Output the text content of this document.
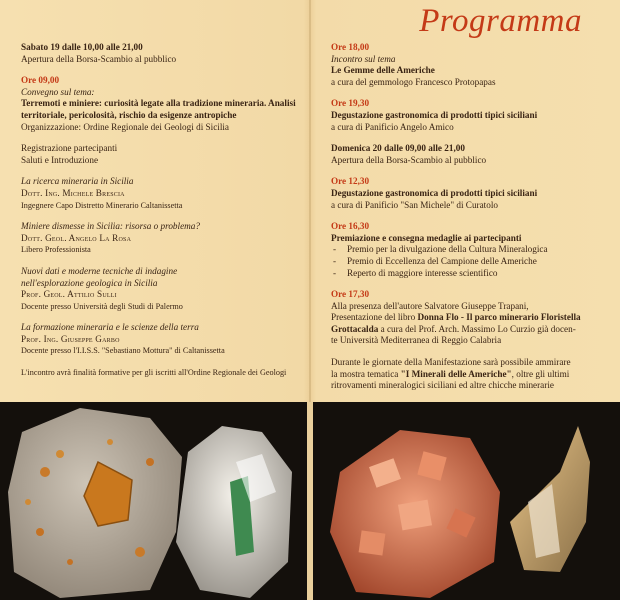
Programma
Sabato 19 dalle 10,00 alle 21,00
Apertura della Borsa-Scambio al pubblico
Ore 09,00
Convegno sul tema:
Terremoti e miniere: curiosità legate alla tradizione mineraria. Analisi
territoriale, pericolosità, rischio da esigenze antropiche
Organizzazione: Ordine Regionale dei Geologi di Sicilia
Registrazione partecipanti
Saluti e Introduzione
La ricerca mineraria in Sicilia
Dott. Ing. Michele Brescia
Ingegnere Capo Distretto Minerario Caltanissetta
Miniere dismesse in Sicilia: risorsa o problema?
Dott. Geol. Angelo La Rosa
Libero Professionista
Nuovi dati e moderne tecniche di indagine
nell'esplorazione geologica in Sicilia
Prof. Geol. Attilio Sulli
Docente presso Università degli Studi di Palermo
La formazione mineraria e le scienze della terra
Prof. Ing. Giuseppe Garbo
Docente presso l'I.I.S.S. "Sebastiano Mottura" di Caltanissetta
L'incontro avrà finalità formative per gli iscritti all'Ordine Regionale dei Geologi
Ore 18,00
Incontro sul tema
Le Gemme delle Americhe
a cura del gemmologo Francesco Protopapas
Ore 19,30
Degustazione gastronomica di prodotti tipici siciliani
a cura di Panificio Angelo Amico
Domenica 20 dalle 09,00 alle 21,00
Apertura della Borsa-Scambio al pubblico
Ore 12,30
Degustazione gastronomica di prodotti tipici siciliani
a cura di Panificio "San Michele" di Curatolo
Ore 16,30
Premiazione e consegna medaglie ai partecipanti
- Premio per la divulgazione della Cultura Mineralogica
- Premio di Eccellenza del Campione delle Americhe
- Reperto di maggiore interesse scientifico
Ore 17,30
Alla presenza dell'autore Salvatore Giuseppe Trapani,
Presentazione del libro Donna Flo - Il parco minerario Floristella
Grottacalda a cura del Prof. Arch. Massimo Lo Curzio già docen-
te Università Mediterranea di Reggio Calabria
Durante le giornate della Manifestazione sarà possibile ammirare
la mostra tematica "I Minerali delle Americhe", oltre gli ultimi
ritrovamenti mineralogici siciliani ed altre chicche minerarie
